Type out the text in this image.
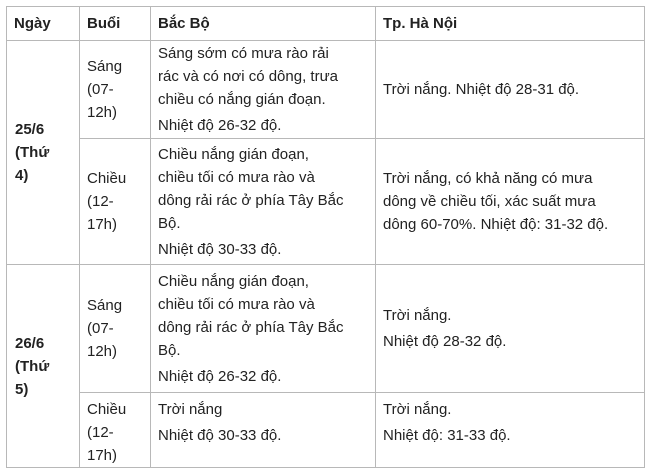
Ngày	Buổi	Bắc Bộ	Tp. Hà Nội

25/6
(Thứ
4)	Sáng
(07-
12h)	Sáng sớm có mưa rào rải
rác và có nơi có dông, trưa
chiều có nắng gián đoạn.
Nhiệt độ 26-32 độ.	Trời nắng. Nhiệt độ 28-31 độ.

	Chiều
(12-
17h)	Chiều nắng gián đoạn,
chiều tối có mưa rào và
dông rải rác ở phía Tây Bắc
Bộ.
Nhiệt độ 30-33 độ.	Trời nắng, có khả năng có mưa
dông về chiều tối, xác suất mưa
dông 60-70%. Nhiệt độ: 31-32 độ.

26/6
(Thứ
5)	Sáng
(07-
12h)	Chiều nắng gián đoạn,
chiều tối có mưa rào và
dông rải rác ở phía Tây Bắc
Bộ.
Nhiệt độ 26-32 độ.	Trời nắng.
Nhiệt độ 28-32 độ.

	Chiều
(12-
17h)	Trời nắng
Nhiệt độ 30-33 độ.	Trời nắng.
Nhiệt độ: 31-33 độ.
